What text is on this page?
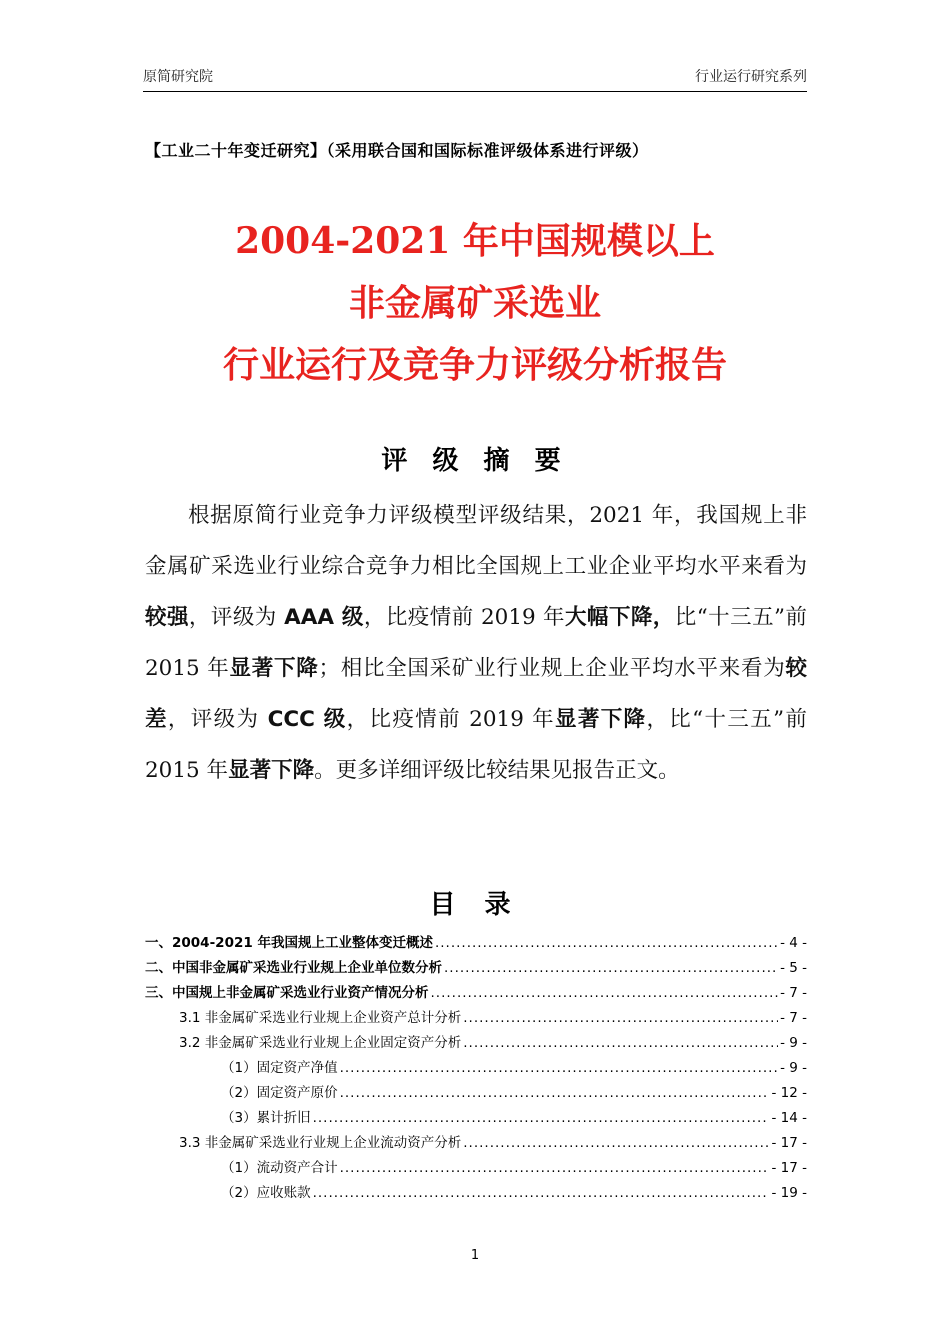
原简研究院	行业运行研究系列
【工业二十年变迁研究】（采用联合国和国际标准评级体系进行评级）
2004-2021 年中国规模以上
非金属矿采选业
行业运行及竞争力评级分析报告
评 级 摘 要
根据原简行业竞争力评级模型评级结果，2021 年，我国规上非金属矿采选业行业综合竞争力相比全国规上工业企业平均水平来看为较强，评级为 AAA 级，比疫情前 2019 年大幅下降，比“十三五”前 2015 年显著下降；相比全国采矿业行业规上企业平均水平来看为较差，评级为 CCC 级，比疫情前 2019 年显著下降，比“十三五”前 2015 年显著下降。更多详细评级比较结果见报告正文。
目 录
一、2004-2021 年我国规上工业整体变迁概述 .....	- 4 -
二、中国非金属矿采选业行业规上企业单位数分析 .....	- 5 -
三、中国规上非金属矿采选业行业资产情况分析 .....	- 7 -
3.1 非金属矿采选业行业规上企业资产总计分析 .....	- 7 -
3.2 非金属矿采选业行业规上企业固定资产分析 .....	- 9 -
（1）固定资产净值 .....	- 9 -
（2）固定资产原价 .....	- 12 -
（3）累计折旧 .....	- 14 -
3.3 非金属矿采选业行业规上企业流动资产分析 .....	- 17 -
（1）流动资产合计 .....	- 17 -
（2）应收账款 .....	- 19 -
1
